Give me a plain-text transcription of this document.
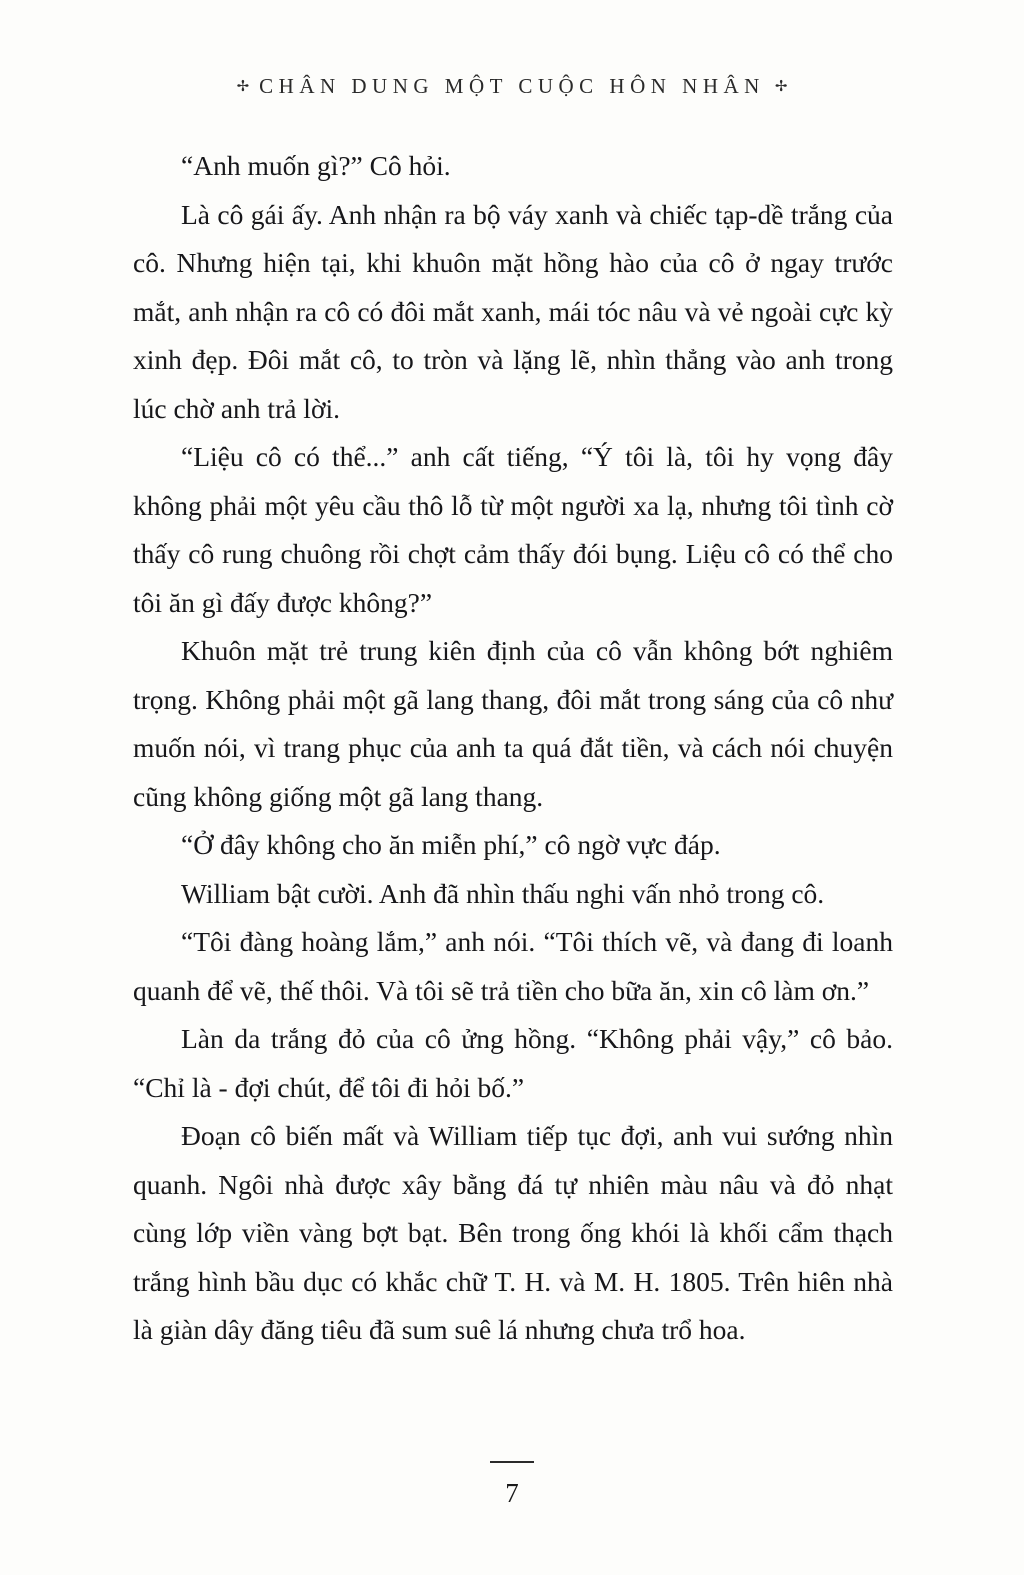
✢ CHÂN DUNG MỘT CUỘC HÔN NHÂN ✢

“Anh muốn gì?” Cô hỏi.

Là cô gái ấy. Anh nhận ra bộ váy xanh và chiếc tạp-dề trắng của cô. Nhưng hiện tại, khi khuôn mặt hồng hào của cô ở ngay trước mắt, anh nhận ra cô có đôi mắt xanh, mái tóc nâu và vẻ ngoài cực kỳ xinh đẹp. Đôi mắt cô, to tròn và lặng lẽ, nhìn thẳng vào anh trong lúc chờ anh trả lời.

“Liệu cô có thể...” anh cất tiếng, “Ý tôi là, tôi hy vọng đây không phải một yêu cầu thô lỗ từ một người xa lạ, nhưng tôi tình cờ thấy cô rung chuông rồi chợt cảm thấy đói bụng. Liệu cô có thể cho tôi ăn gì đấy được không?”

Khuôn mặt trẻ trung kiên định của cô vẫn không bớt nghiêm trọng. Không phải một gã lang thang, đôi mắt trong sáng của cô như muốn nói, vì trang phục của anh ta quá đắt tiền, và cách nói chuyện cũng không giống một gã lang thang.

“Ở đây không cho ăn miễn phí,” cô ngờ vực đáp.

William bật cười. Anh đã nhìn thấu nghi vấn nhỏ trong cô.

“Tôi đàng hoàng lắm,” anh nói. “Tôi thích vẽ, và đang đi loanh quanh để vẽ, thế thôi. Và tôi sẽ trả tiền cho bữa ăn, xin cô làm ơn.”

Làn da trắng đỏ của cô ửng hồng. “Không phải vậy,” cô bảo. “Chỉ là - đợi chút, để tôi đi hỏi bố.”

Đoạn cô biến mất và William tiếp tục đợi, anh vui sướng nhìn quanh. Ngôi nhà được xây bằng đá tự nhiên màu nâu và đỏ nhạt cùng lớp viền vàng bợt bạt. Bên trong ống khói là khối cẩm thạch trắng hình bầu dục có khắc chữ T. H. và M. H. 1805. Trên hiên nhà là giàn dây đăng tiêu đã sum suê lá nhưng chưa trổ hoa.

7
